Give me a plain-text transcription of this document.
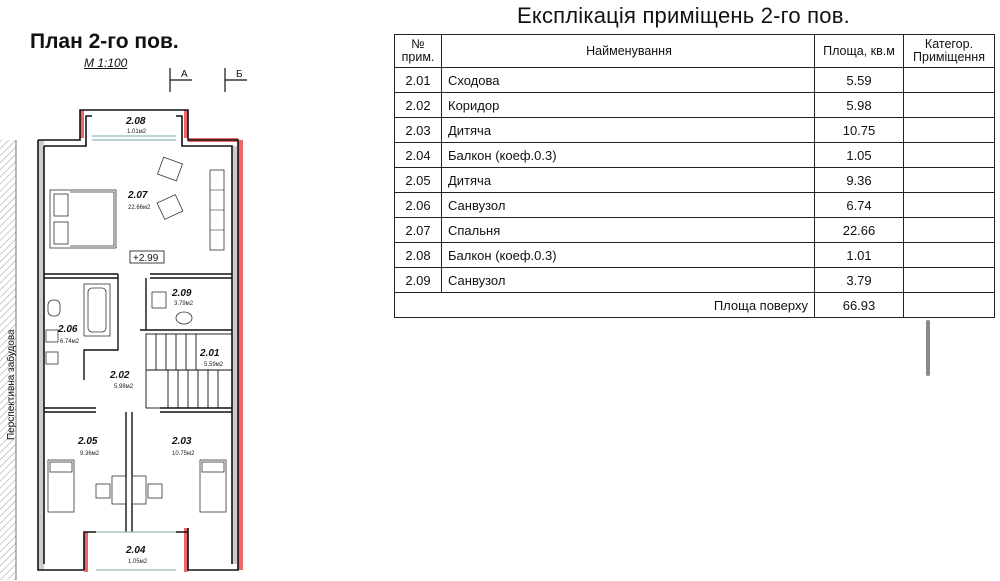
План 2-го пов.
М 1:100
А	Б
+2.99
Перспективна забудова
2.08
1.01м2
2.07
22.66м2
2.09
3.79м2
2.06
6.74м2
2.01
5.59м2
2.02
5.98м2
2.05
9.36м2
2.03
10.75м2
2.04
1.05м2
Експлікація приміщень 2-го пов.
№
прим.	Найменування	Площа, кв.м	Категор.
Приміщення
2.01	Сходова	5.59	
2.02	Коридор	5.98	
2.03	Дитяча	10.75	
2.04	Балкон (коеф.0.3)	1.05	
2.05	Дитяча	9.36	
2.06	Санвузол	6.74	
2.07	Спальня	22.66	
2.08	Балкон (коеф.0.3)	1.01	
2.09	Санвузол	3.79	
Площа поверху		66.93	
